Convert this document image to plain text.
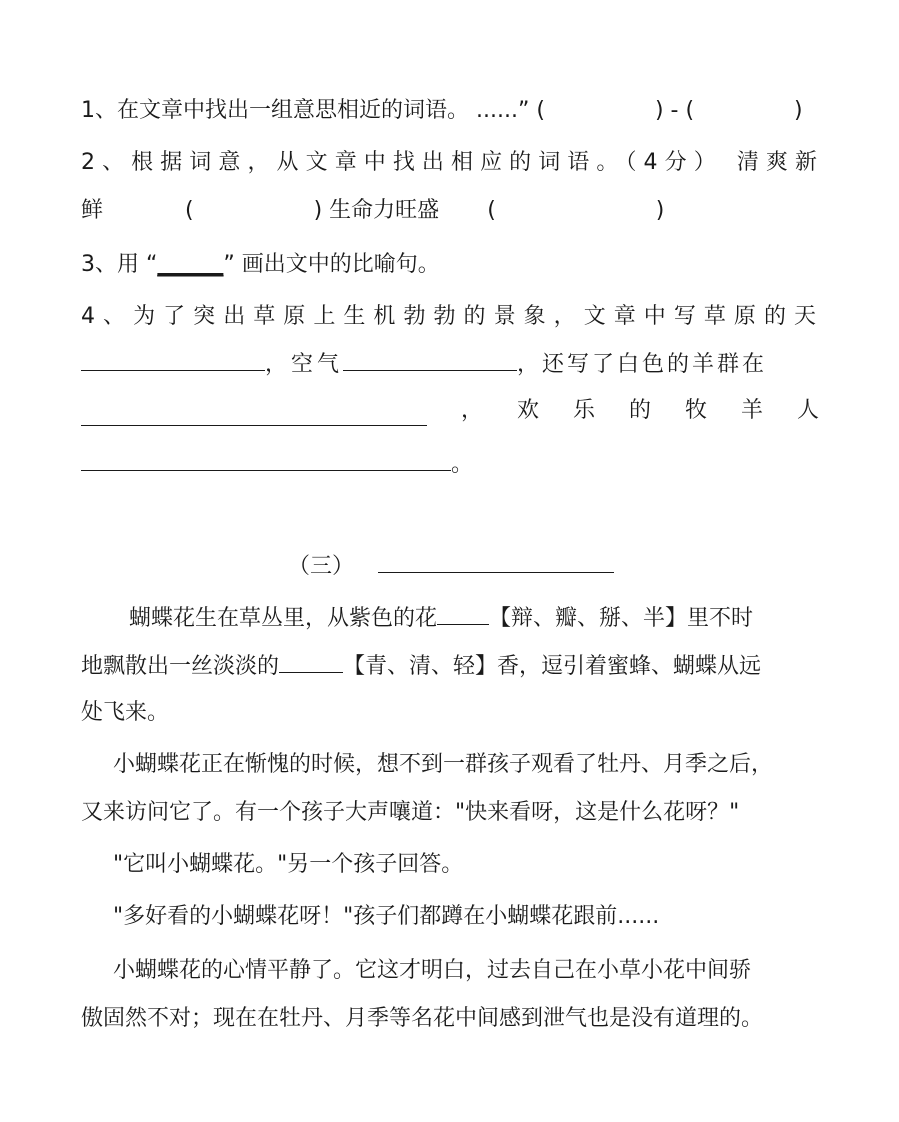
1、在文章中找出一组意思相近的词语。 ......” (	) - (	)
2、根据词意，从文章中找出相应的词语。（4分） 清爽新
鲜	(	) 生命力旺盛 (	)
3、用 “______” 画出文中的比喻句。
4、为了突出草原上生机勃勃的景象，文章中写草原的天
，空气	，还写了白色的羊群在
， 欢 乐 的 牧 羊 人
。
（三）
蝴蝶花生在草丛里，从紫色的花 【辩、瓣、掰、半】里不时
地飘散出一丝淡淡的	【青、清、轻】香，逗引着蜜蜂、蝴蝶从远
处飞来。
小蝴蝶花正在惭愧的时候，想不到一群孩子观看了牡丹、月季之后，
又来访问它了。有一个孩子大声嚷道："快来看呀，这是什么花呀？"
"它叫小蝴蝶花。"另一个孩子回答。
"多好看的小蝴蝶花呀！"孩子们都蹲在小蝴蝶花跟前......
小蝴蝶花的心情平静了。它这才明白，过去自己在小草小花中间骄
傲固然不对；现在在牡丹、月季等名花中间感到泄气也是没有道理的。
